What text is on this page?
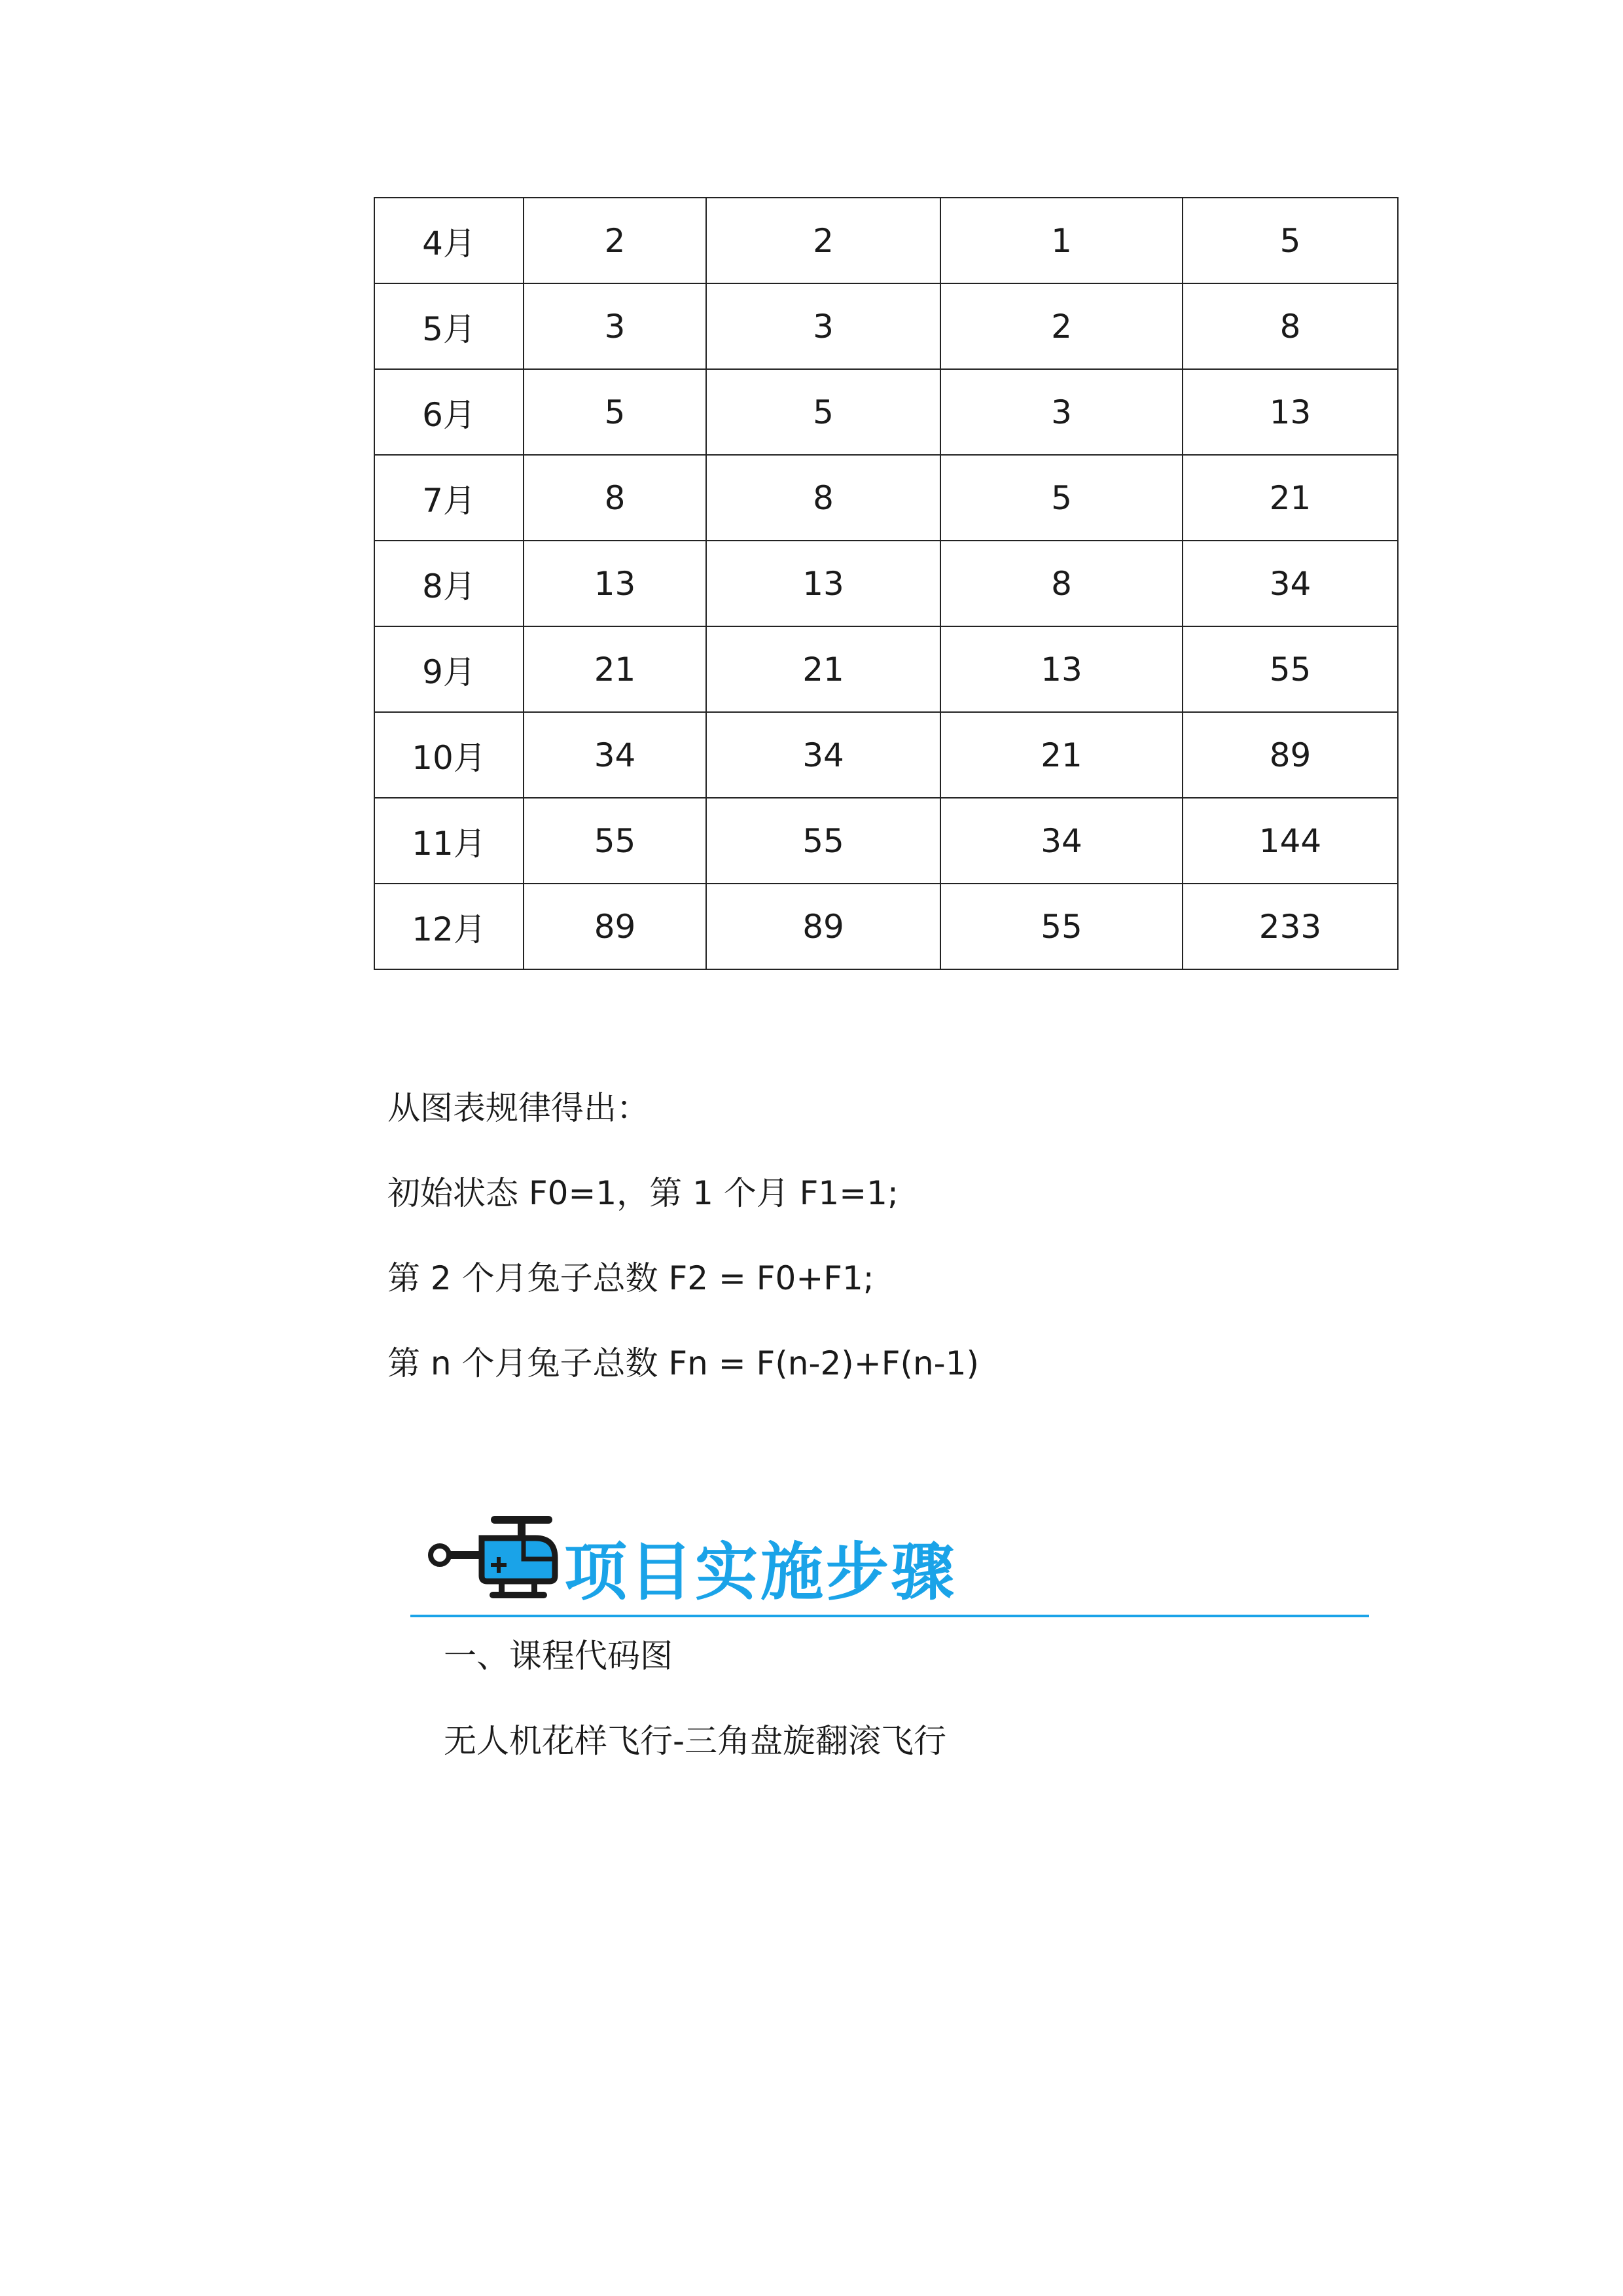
4月	2	2	1	5
5月	3	3	2	8
6月	5	5	3	13
7月	8	8	5	21
8月	13	13	8	34
9月	21	21	13	55
10月	34	34	21	89
11月	55	55	34	144
12月	89	89	55	233
从图表规律得出：
初始状态 F0=1，第 1 个月 F1=1;
第 2 个月兔子总数 F2 = F0+F1;
第 n 个月兔子总数 Fn = F(n-2)+F(n-1)
项目实施步骤
一、课程代码图
无人机花样飞行-三角盘旋翻滚飞行
